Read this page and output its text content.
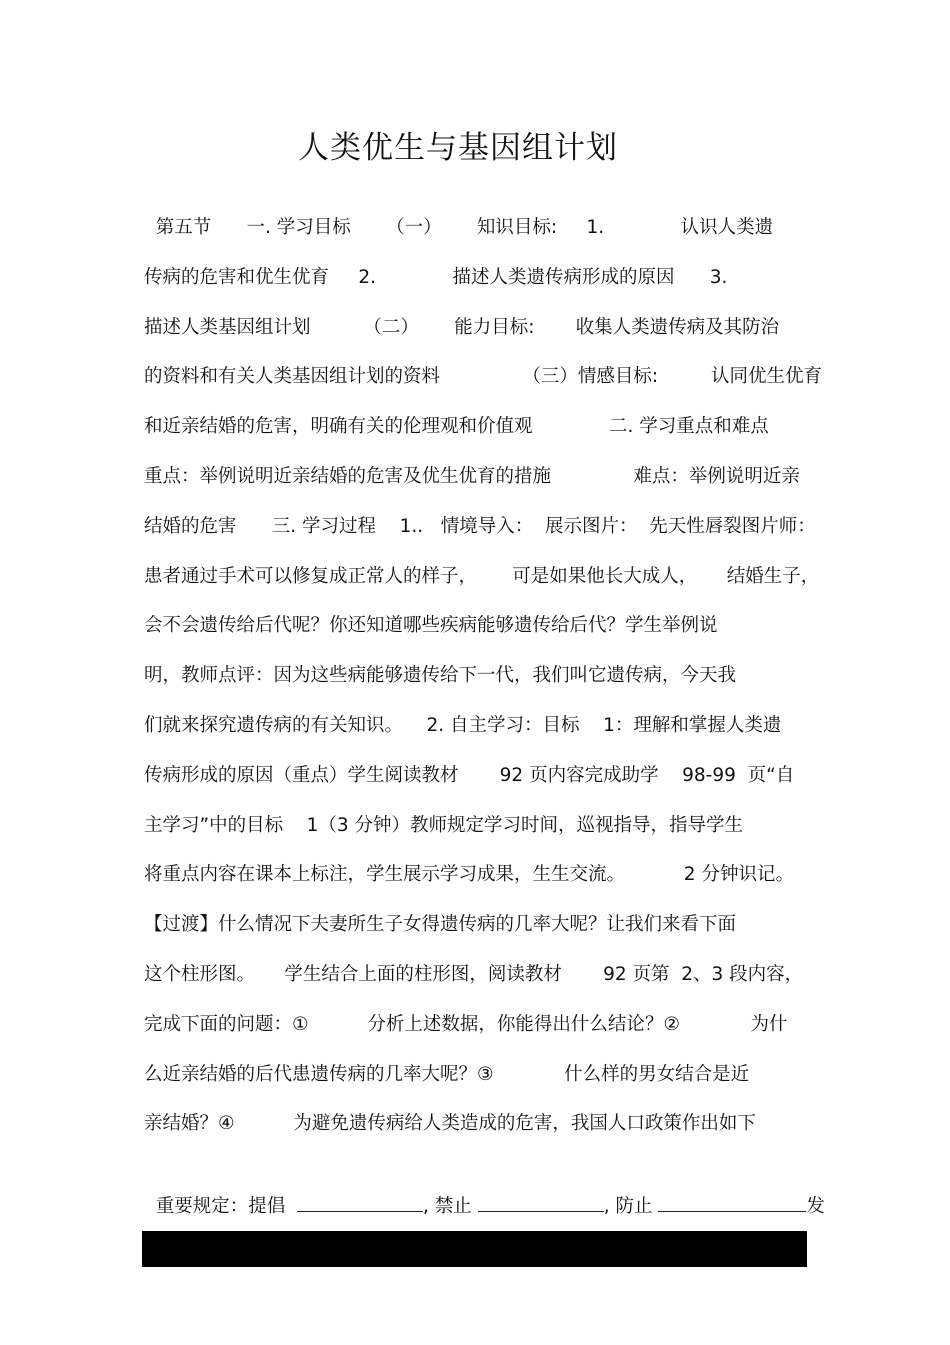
人类优生与基因组计划
第五节      一. 学习目标      （一）      知识目标:     1.             认识人类遗
传病的危害和优生优育     2.             描述人类遗传病形成的原因      3.
描述人类基因组计划         （二）      能力目标:       收集人类遗传病及其防治
的资料和有关人类基因组计划的资料              （三）情感目标:         认同优生优育
和近亲结婚的危害，明确有关的伦理观和价值观             二. 学习重点和难点
重点：举例说明近亲结婚的危害及优生优育的措施              难点：举例说明近亲
结婚的危害      三. 学习过程    1..   情境导入：  展示图片：  先天性唇裂图片师：
患者通过手术可以修复成正常人的样子，      可是如果他长大成人，     结婚生子，
会不会遗传给后代呢？你还知道哪些疾病能够遗传给后代？学生举例说
明，教师点评：因为这些病能够遗传给下一代，我们叫它遗传病，今天我
们就来探究遗传病的有关知识。    2. 自主学习：目标    1：理解和掌握人类遗
传病形成的原因（重点）学生阅读教材       92 页内容完成助学    98-99  页“自
主学习”中的目标    1（3 分钟）教师规定学习时间，巡视指导，指导学生
将重点内容在课本上标注，学生展示学习成果，生生交流。          2 分钟识记。
【过渡】什么情况下夫妻所生子女得遗传病的几率大呢？让我们来看下面
这个柱形图。     学生结合上面的柱形图，阅读教材       92 页第  2、3 段内容，
完成下面的问题：①          分析上述数据，你能得出什么结论？②            为什
么近亲结婚的后代患遗传病的几率大呢？③            什么样的男女结合是近
亲结婚？④          为避免遗传病给人类造成的危害，我国人口政策作出如下

重要规定：提倡	, 禁止	, 防止	发
